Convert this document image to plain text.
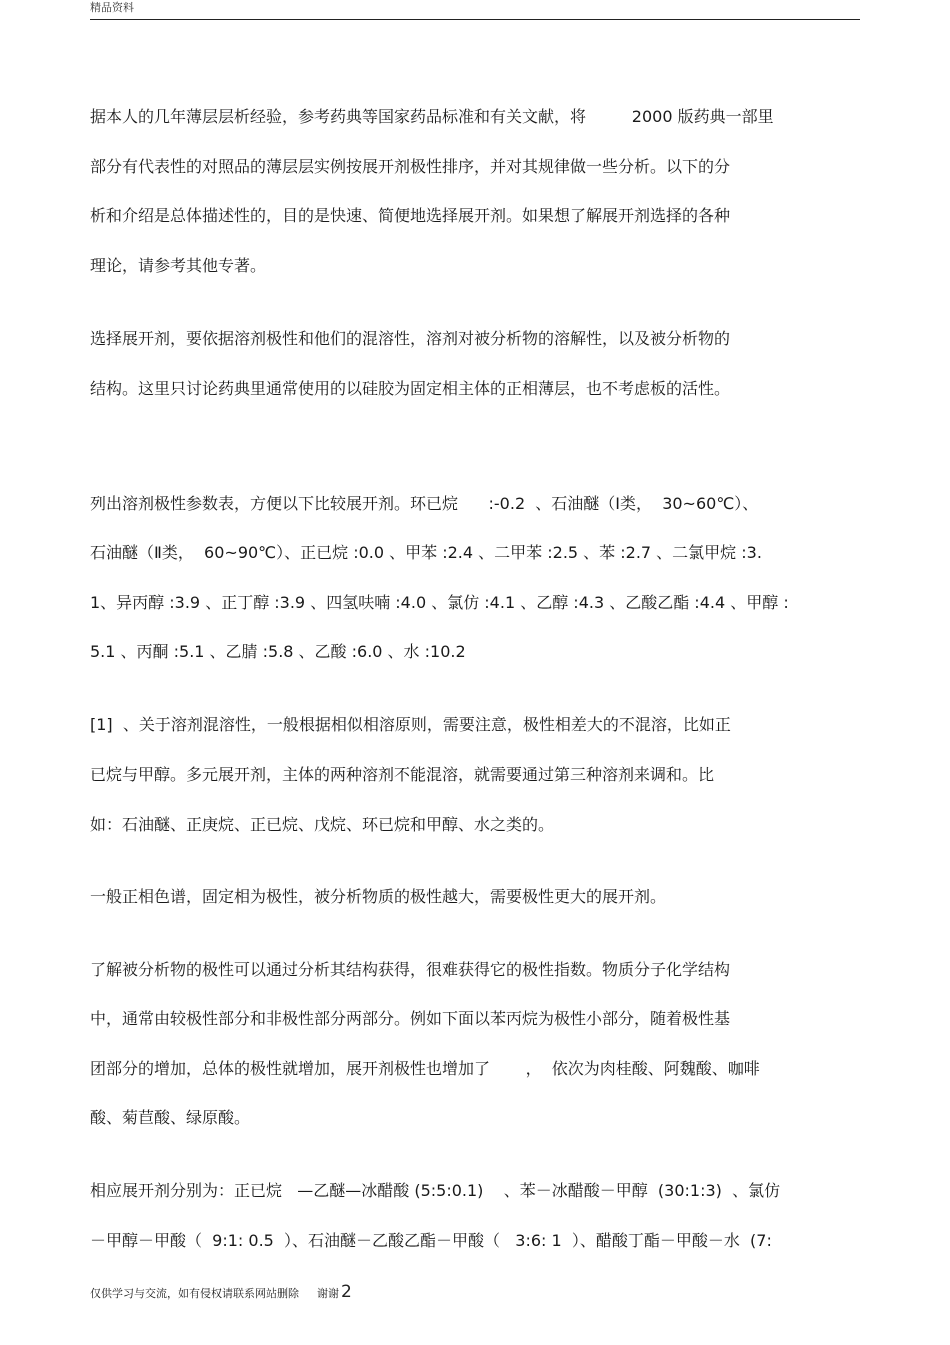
精品资料
据本人的几年薄层层析经验，参考药典等国家药品标准和有关文献，将         2000 版药典一部里
部分有代表性的对照品的薄层层实例按展开剂极性排序，并对其规律做一些分析。以下的分
析和介绍是总体描述性的，目的是快速、简便地选择展开剂。如果想了解展开剂选择的各种
理论，请参考其他专著。
选择展开剂，要依据溶剂极性和他们的混溶性，溶剂对被分析物的溶解性，以及被分析物的
结构。这里只讨论药典里通常使用的以硅胶为固定相主体的正相薄层，也不考虑板的活性。
列出溶剂极性参数表，方便以下比较展开剂。环已烷      :-0.2  、石油醚（Ⅰ类，  30~60℃）、
石油醚（Ⅱ类，  60~90℃）、正已烷 :0.0 、甲苯 :2.4 、二甲苯 :2.5 、苯 :2.7 、二氯甲烷 :3.
1、异丙醇 :3.9 、正丁醇 :3.9 、四氢呋喃 :4.0 、氯仿 :4.1 、乙醇 :4.3 、乙酸乙酯 :4.4 、甲醇 :
5.1 、丙酮 :5.1 、乙腈 :5.8 、乙酸 :6.0 、水 :10.2
[1]  、关于溶剂混溶性，一般根据相似相溶原则，需要注意，极性相差大的不混溶，比如正
已烷与甲醇。多元展开剂，主体的两种溶剂不能混溶，就需要通过第三种溶剂来调和。比
如：石油醚、正庚烷、正已烷、戊烷、环已烷和甲醇、水之类的。
一般正相色谱，固定相为极性，被分析物质的极性越大，需要极性更大的展开剂。
了解被分析物的极性可以通过分析其结构获得，很难获得它的极性指数。物质分子化学结构
中，通常由较极性部分和非极性部分两部分。例如下面以苯丙烷为极性小部分，随着极性基
团部分的增加，总体的极性就增加，展开剂极性也增加了       ，  依次为肉桂酸、阿魏酸、咖啡
酸、菊苣酸、绿原酸。
相应展开剂分别为：正已烷   —乙醚—冰醋酸 (5:5:0.1)    、苯－冰醋酸－甲醇  (30:1:3)  、氯仿
－甲醇－甲酸（  9:1: 0.5  ）、石油醚－乙酸乙酯－甲酸（   3:6: 1  ）、醋酸丁酯－甲酸－水  (7:
仅供学习与交流，如有侵权请联系网站删除 谢谢 2
